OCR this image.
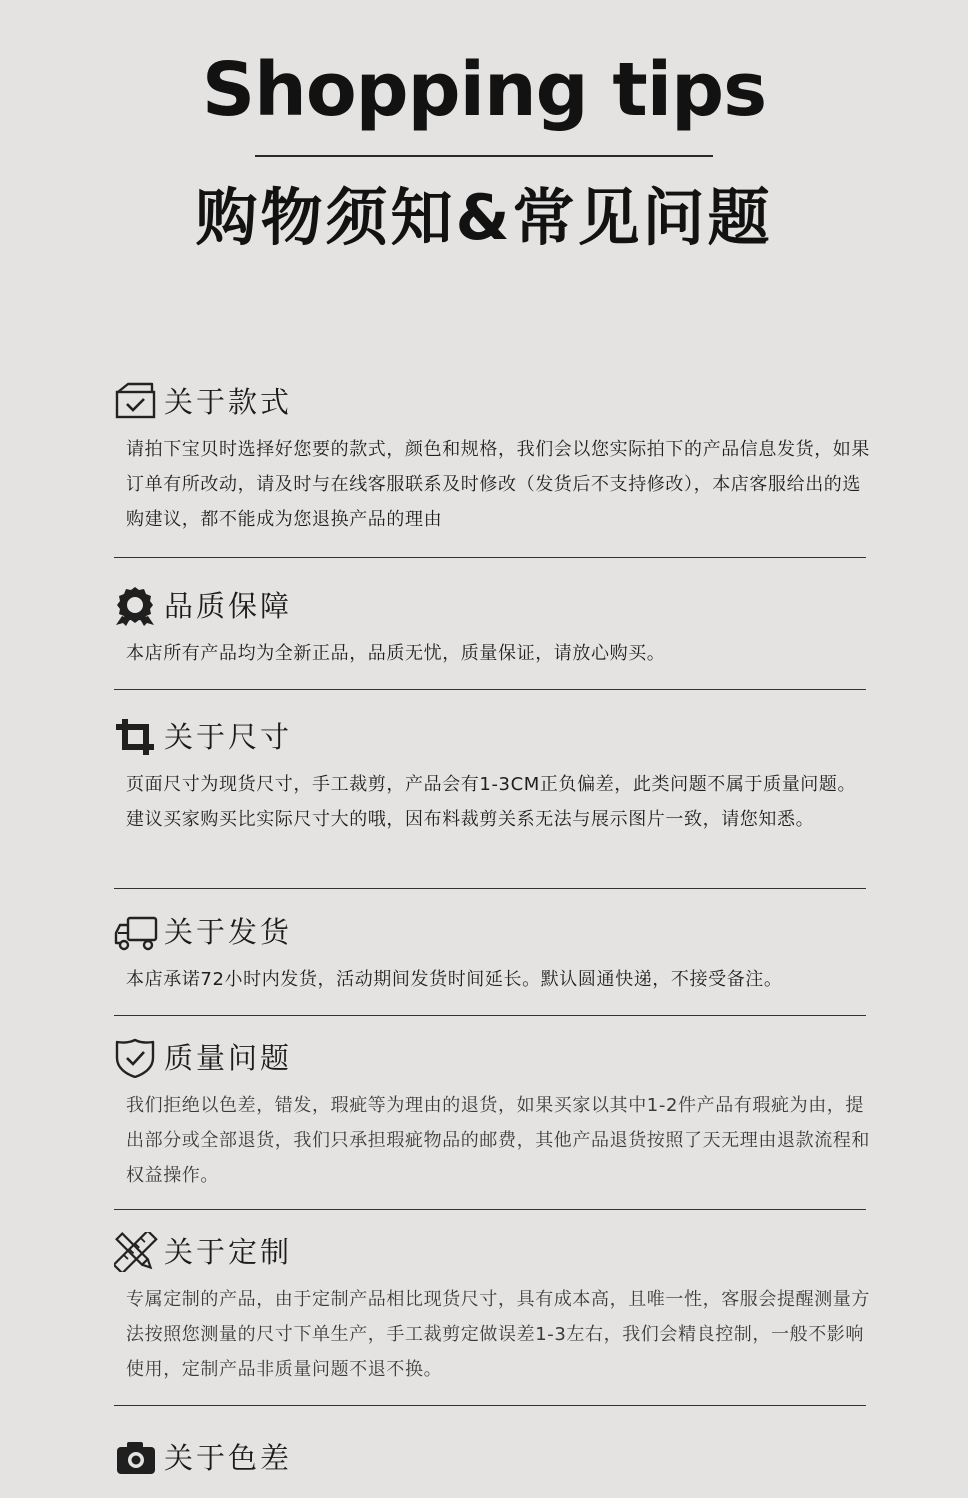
Shopping tips
购物须知&常见问题
关于款式
请拍下宝贝时选择好您要的款式，颜色和规格，我们会以您实际拍下的产品信息发货，如果订单有所改动，请及时与在线客服联系及时修改（发货后不支持修改），本店客服给出的选购建议，都不能成为您退换产品的理由
品质保障
本店所有产品均为全新正品，品质无忧，质量保证，请放心购买。
关于尺寸
页面尺寸为现货尺寸，手工裁剪，产品会有1-3CM正负偏差，此类问题不属于质量问题。建议买家购买比实际尺寸大的哦，因布料裁剪关系无法与展示图片一致，请您知悉。
关于发货
本店承诺72小时内发货，活动期间发货时间延长。默认圆通快递，不接受备注。
质量问题
我们拒绝以色差，错发，瑕疵等为理由的退货，如果买家以其中1-2件产品有瑕疵为由，提出部分或全部退货，我们只承担瑕疵物品的邮费，其他产品退货按照了天无理由退款流程和权益操作。
关于定制
专属定制的产品，由于定制产品相比现货尺寸，具有成本高，且唯一性，客服会提醒测量方法按照您测量的尺寸下单生产，手工裁剪定做误差1-3左右，我们会精良控制，一般不影响使用，定制产品非质量问题不退不换。
关于色差
